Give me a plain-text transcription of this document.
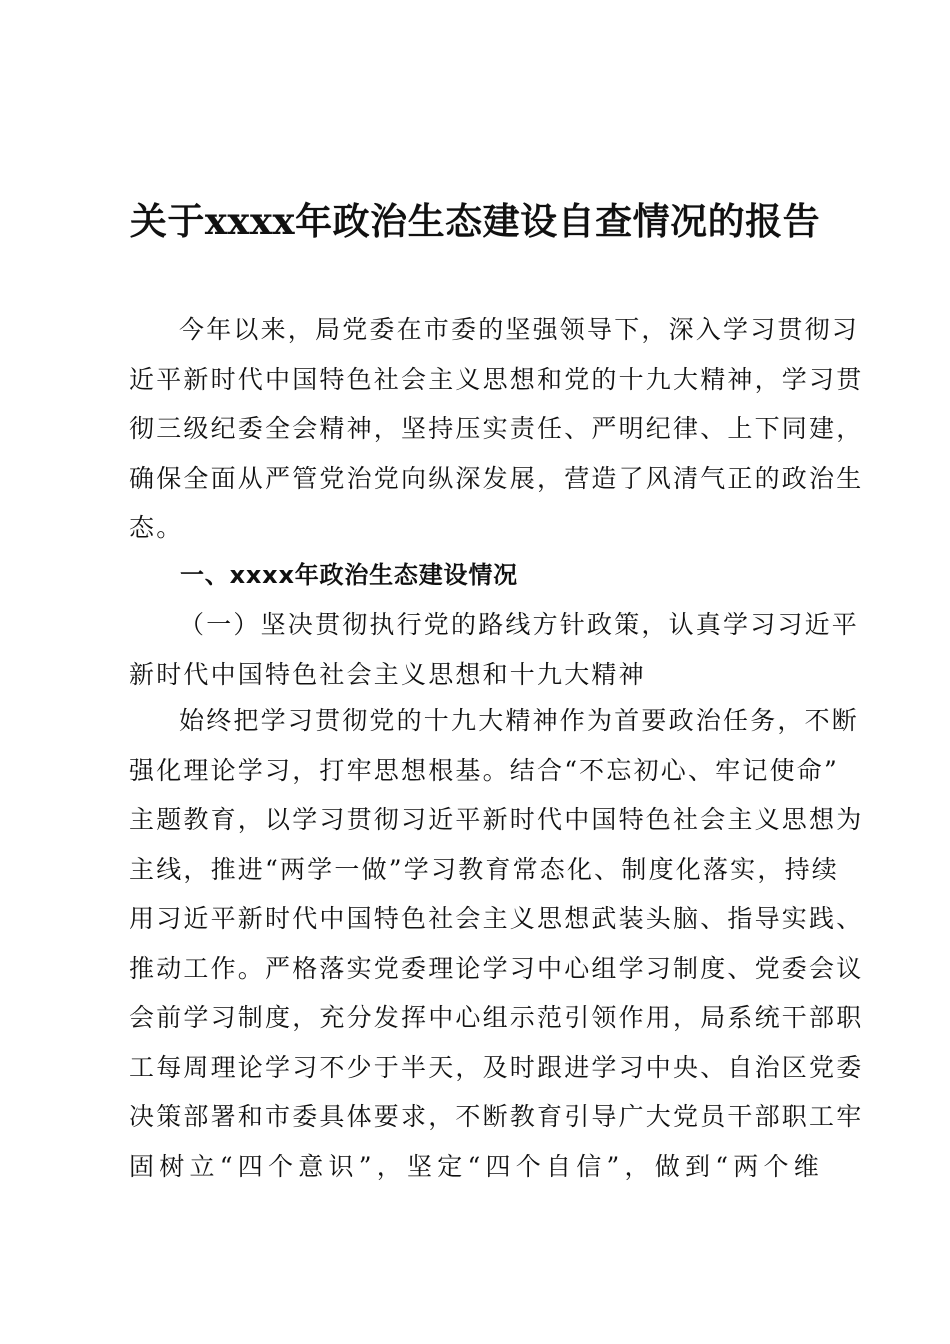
关于xxxx年政治生态建设自查情况的报告
今年以来，局党委在市委的坚强领导下，深入学习贯彻习
近平新时代中国特色社会主义思想和党的十九大精神，学习贯
彻三级纪委全会精神，坚持压实责任、严明纪律、上下同建，
确保全面从严管党治党向纵深发展，营造了风清气正的政治生
态。
一、xxxx年政治生态建设情况
（一）坚决贯彻执行党的路线方针政策，认真学习习近平
新时代中国特色社会主义思想和十九大精神
始终把学习贯彻党的十九大精神作为首要政治任务，不断
强化理论学习，打牢思想根基。结合“不忘初心、牢记使命”
主题教育，以学习贯彻习近平新时代中国特色社会主义思想为
主线，推进“两学一做”学习教育常态化、制度化落实，持续
用习近平新时代中国特色社会主义思想武装头脑、指导实践、
推动工作。严格落实党委理论学习中心组学习制度、党委会议
会前学习制度，充分发挥中心组示范引领作用，局系统干部职
工每周理论学习不少于半天，及时跟进学习中央、自治区党委
决策部署和市委具体要求，不断教育引导广大党员干部职工牢
固树立“四个意识”，坚定“四个自信”，做到“两个维
